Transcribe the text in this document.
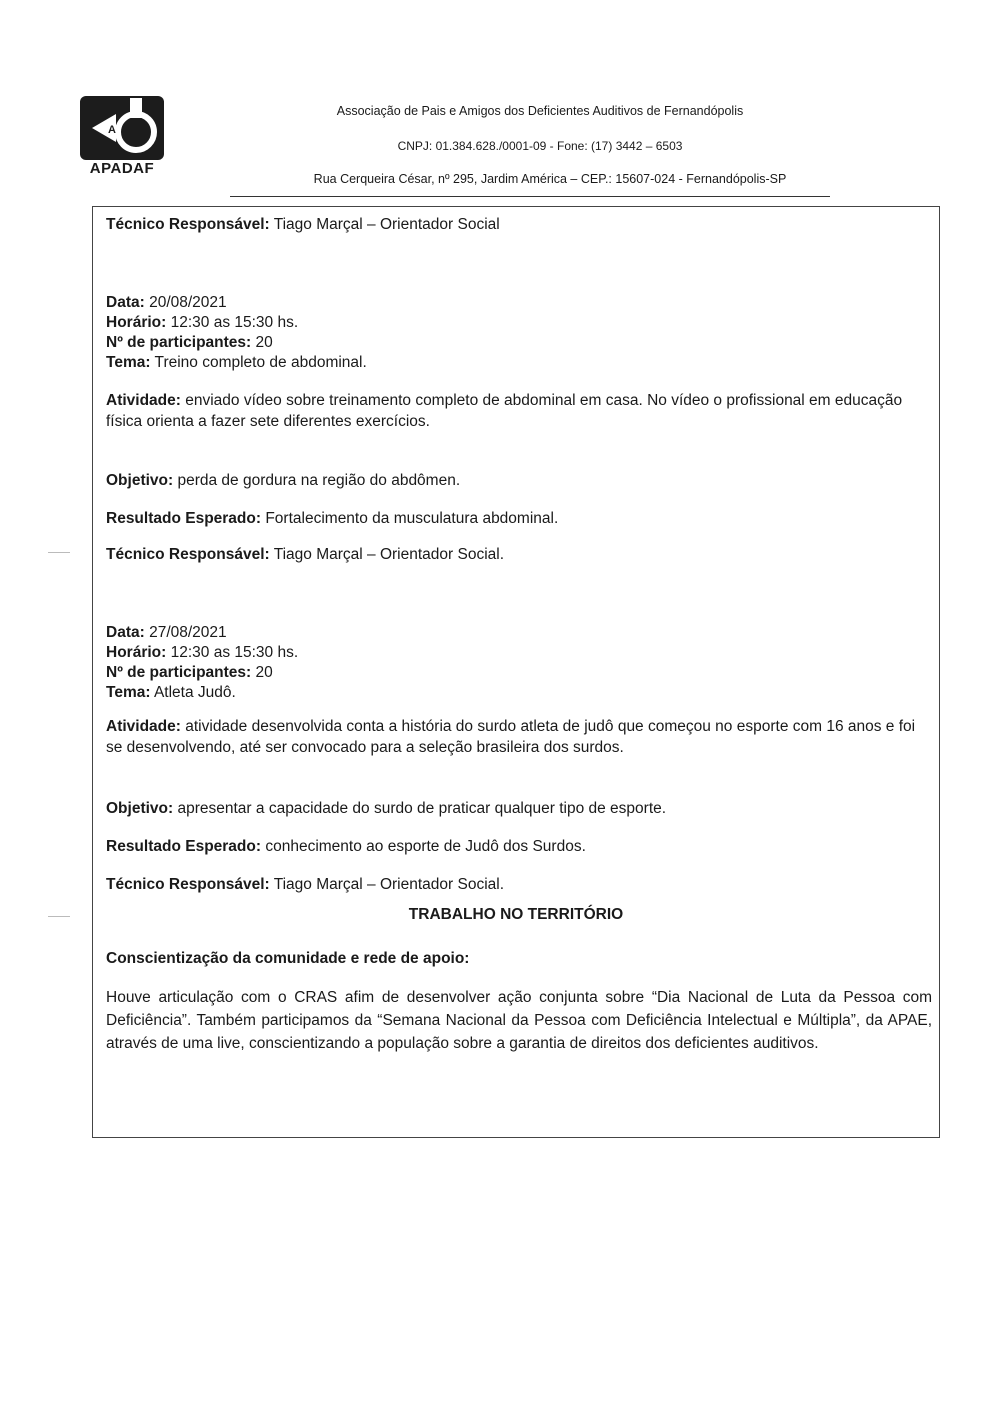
A
APADAF
Associação de Pais e Amigos dos Deficientes Auditivos de Fernandópolis
CNPJ: 01.384.628./0001-09 - Fone: (17) 3442 – 6503
Rua Cerqueira César, nº 295, Jardim América – CEP.: 15607-024 - Fernandópolis-SP
Técnico Responsável: Tiago Marçal – Orientador Social
Data: 20/08/2021
Horário: 12:30 as 15:30 hs.
Nº de participantes: 20
Tema: Treino completo de abdominal.
Atividade: enviado vídeo sobre treinamento completo de abdominal em casa. No vídeo o profissional em educação física orienta a fazer sete diferentes exercícios.
Objetivo: perda de gordura na região do abdômen.
Resultado Esperado: Fortalecimento da musculatura abdominal.
Técnico Responsável: Tiago Marçal – Orientador Social.
Data: 27/08/2021
Horário: 12:30 as 15:30 hs.
Nº de participantes: 20
Tema: Atleta Judô.
Atividade: atividade desenvolvida conta a história do surdo atleta de judô que começou no esporte com 16 anos e foi se desenvolvendo, até ser convocado para a seleção brasileira dos surdos.
Objetivo: apresentar a capacidade do surdo de praticar qualquer tipo de esporte.
Resultado Esperado: conhecimento ao esporte de Judô dos Surdos.
Técnico Responsável: Tiago Marçal – Orientador Social.
TRABALHO NO TERRITÓRIO
Conscientização da comunidade e rede de apoio:
Houve articulação com o CRAS afim de desenvolver ação conjunta sobre “Dia Nacional de Luta da Pessoa com Deficiência”. Também participamos da “Semana Nacional da Pessoa com Deficiência Intelectual e Múltipla”, da APAE, através de uma live, conscientizando a população sobre a garantia de direitos dos deficientes auditivos.
